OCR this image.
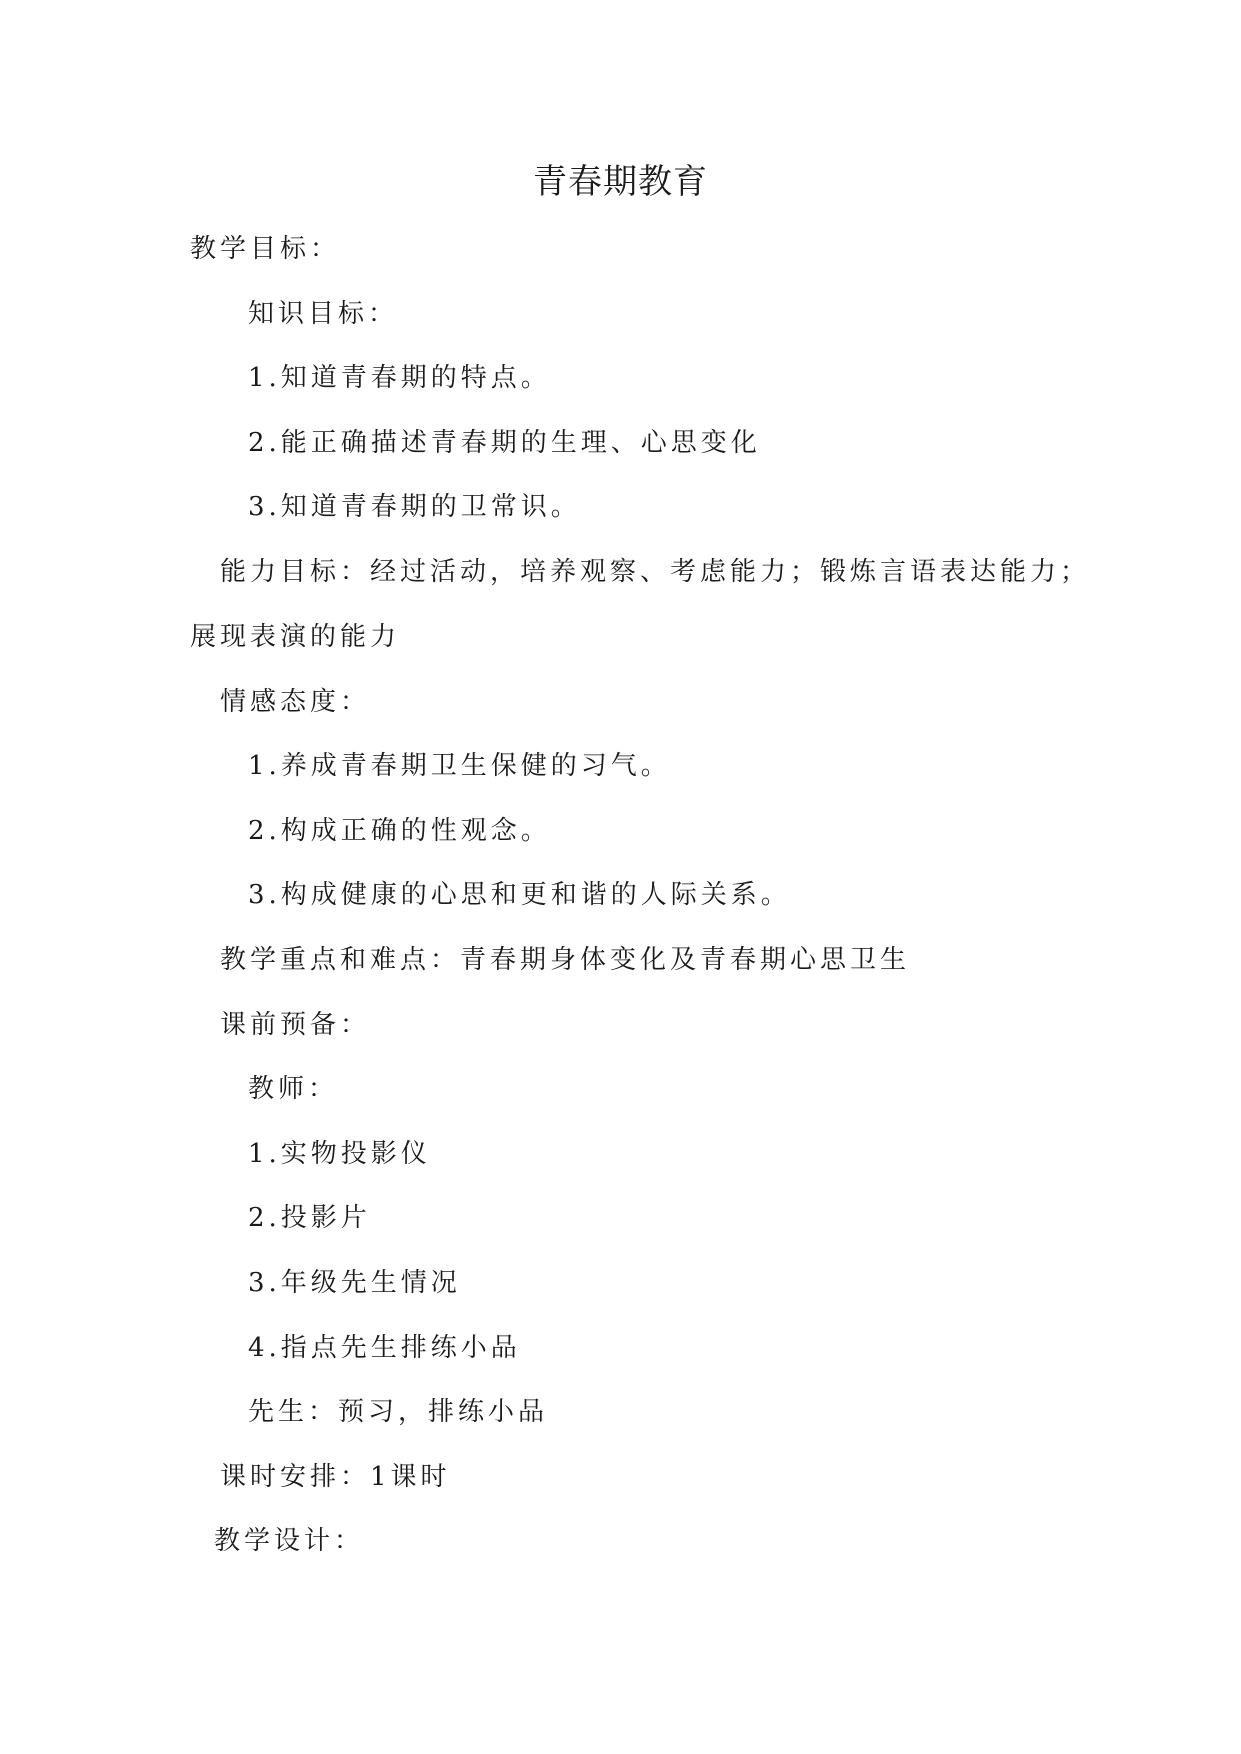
青春期教育
教学目标：
知识目标：
1.知道青春期的特点。
2.能正确描述青春期的生理、心思变化
3.知道青春期的卫常识。
能力目标：经过活动，培养观察、考虑能力；锻炼言语表达能力；
展现表演的能力
情感态度：
1.养成青春期卫生保健的习气。
2.构成正确的性观念。
3.构成健康的心思和更和谐的人际关系。
教学重点和难点：青春期身体变化及青春期心思卫生
课前预备：
教师：
1.实物投影仪
2.投影片
3.年级先生情况
4.指点先生排练小品
先生：预习，排练小品
课时安排：1课时
教学设计：
